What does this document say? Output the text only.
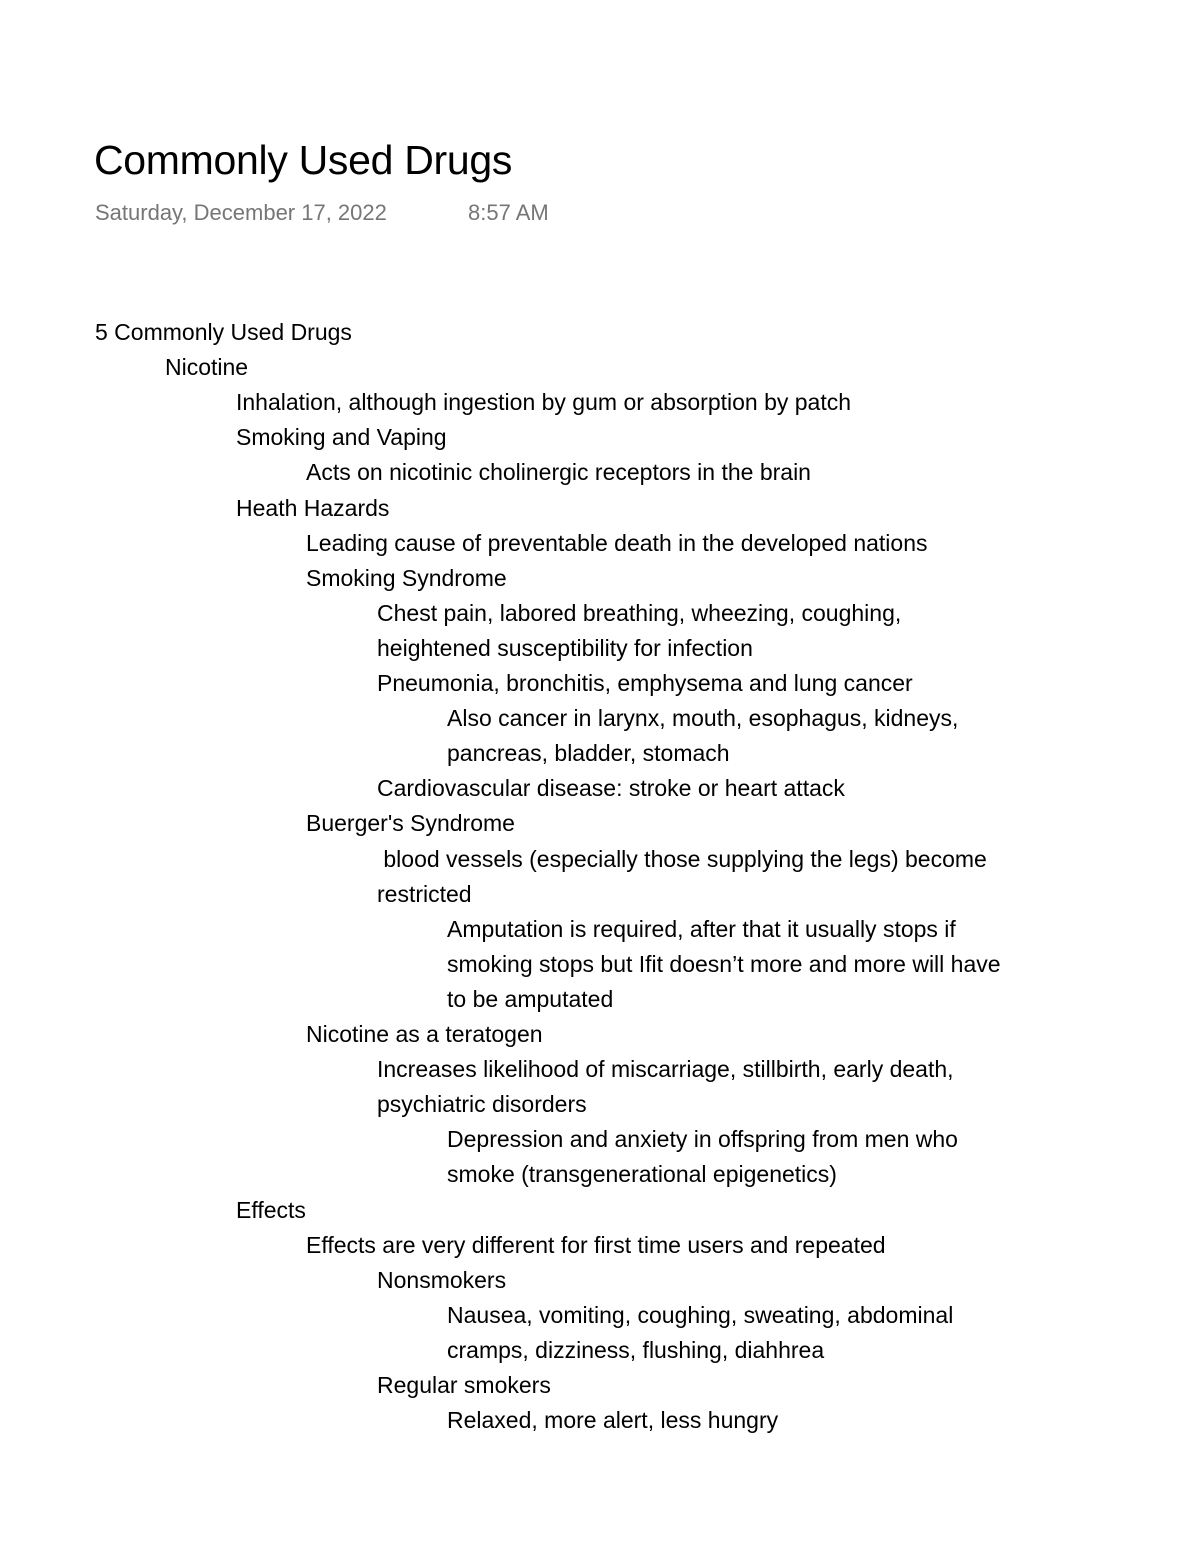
Commonly Used Drugs
Saturday, December 17, 2022	8:57 AM
5 Commonly Used Drugs
Nicotine
Inhalation, although ingestion by gum or absorption by patch
Smoking and Vaping
Acts on nicotinic cholinergic receptors in the brain
Heath Hazards
Leading cause of preventable death in the developed nations
Smoking Syndrome
Chest pain, labored breathing, wheezing, coughing,
heightened susceptibility for infection
Pneumonia, bronchitis, emphysema and lung cancer
Also cancer in larynx, mouth, esophagus, kidneys,
pancreas, bladder, stomach
Cardiovascular disease: stroke or heart attack
Buerger's Syndrome
blood vessels (especially those supplying the legs) become
restricted
Amputation is required, after that it usually stops if
smoking stops but Ifit doesn’t more and more will have
to be amputated
Nicotine as a teratogen
Increases likelihood of miscarriage, stillbirth, early death,
psychiatric disorders
Depression and anxiety in offspring from men who
smoke (transgenerational epigenetics)
Effects
Effects are very different for first time users and repeated
Nonsmokers
Nausea, vomiting, coughing, sweating, abdominal
cramps, dizziness, flushing, diahhrea
Regular smokers
Relaxed, more alert, less hungry
